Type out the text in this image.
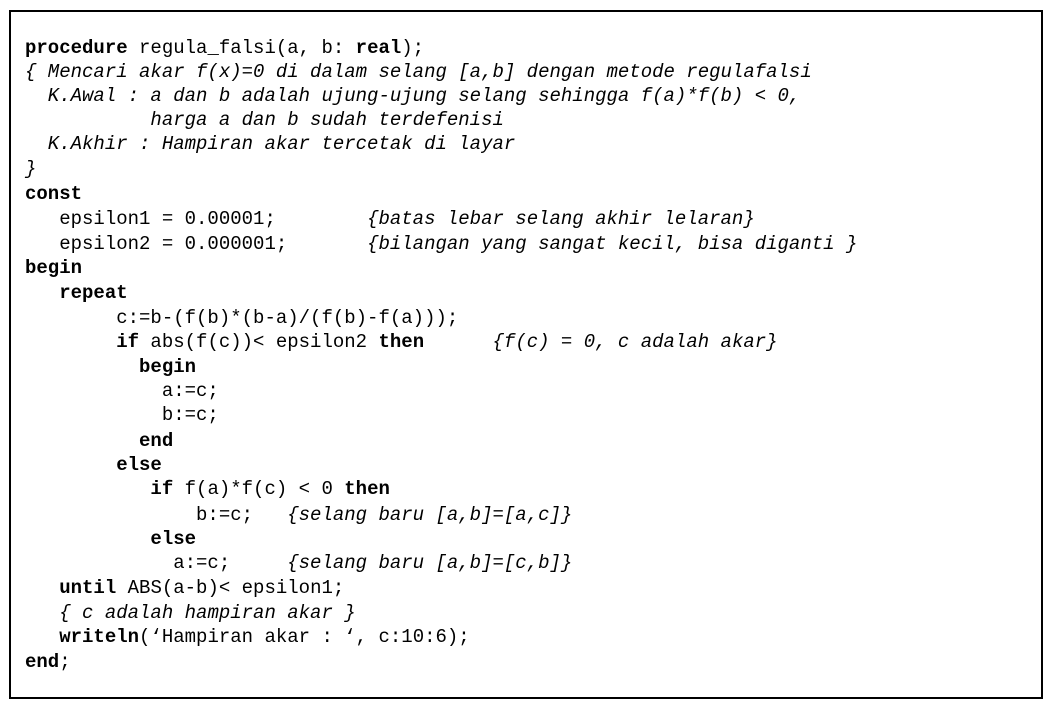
procedure regula_falsi(a, b: real);
{ Mencari akar f(x)=0 di dalam selang [a,b] dengan metode regulafalsi
K.Awal : a dan b adalah ujung-ujung selang sehingga f(a)*f(b) < 0,
harga a dan b sudah terdefenisi
K.Akhir : Hampiran akar tercetak di layar
}
const
epsilon1 = 0.00001;        {batas lebar selang akhir lelaran}
epsilon2 = 0.000001;       {bilangan yang sangat kecil, bisa diganti }
begin
repeat
c:=b-(f(b)*(b-a)/(f(b)-f(a)));
if abs(f(c))< epsilon2 then	{f(c) = 0, c adalah akar}
begin
a:=c;
b:=c;
end
else
if f(a)*f(c) < 0 then
b:=c;   {selang baru [a,b]=[a,c]}
else
a:=c;     {selang baru [a,b]=[c,b]}
until ABS(a-b)< epsilon1;
{ c adalah hampiran akar }
writeln(‘Hampiran akar : ‘, c:10:6);
end;
